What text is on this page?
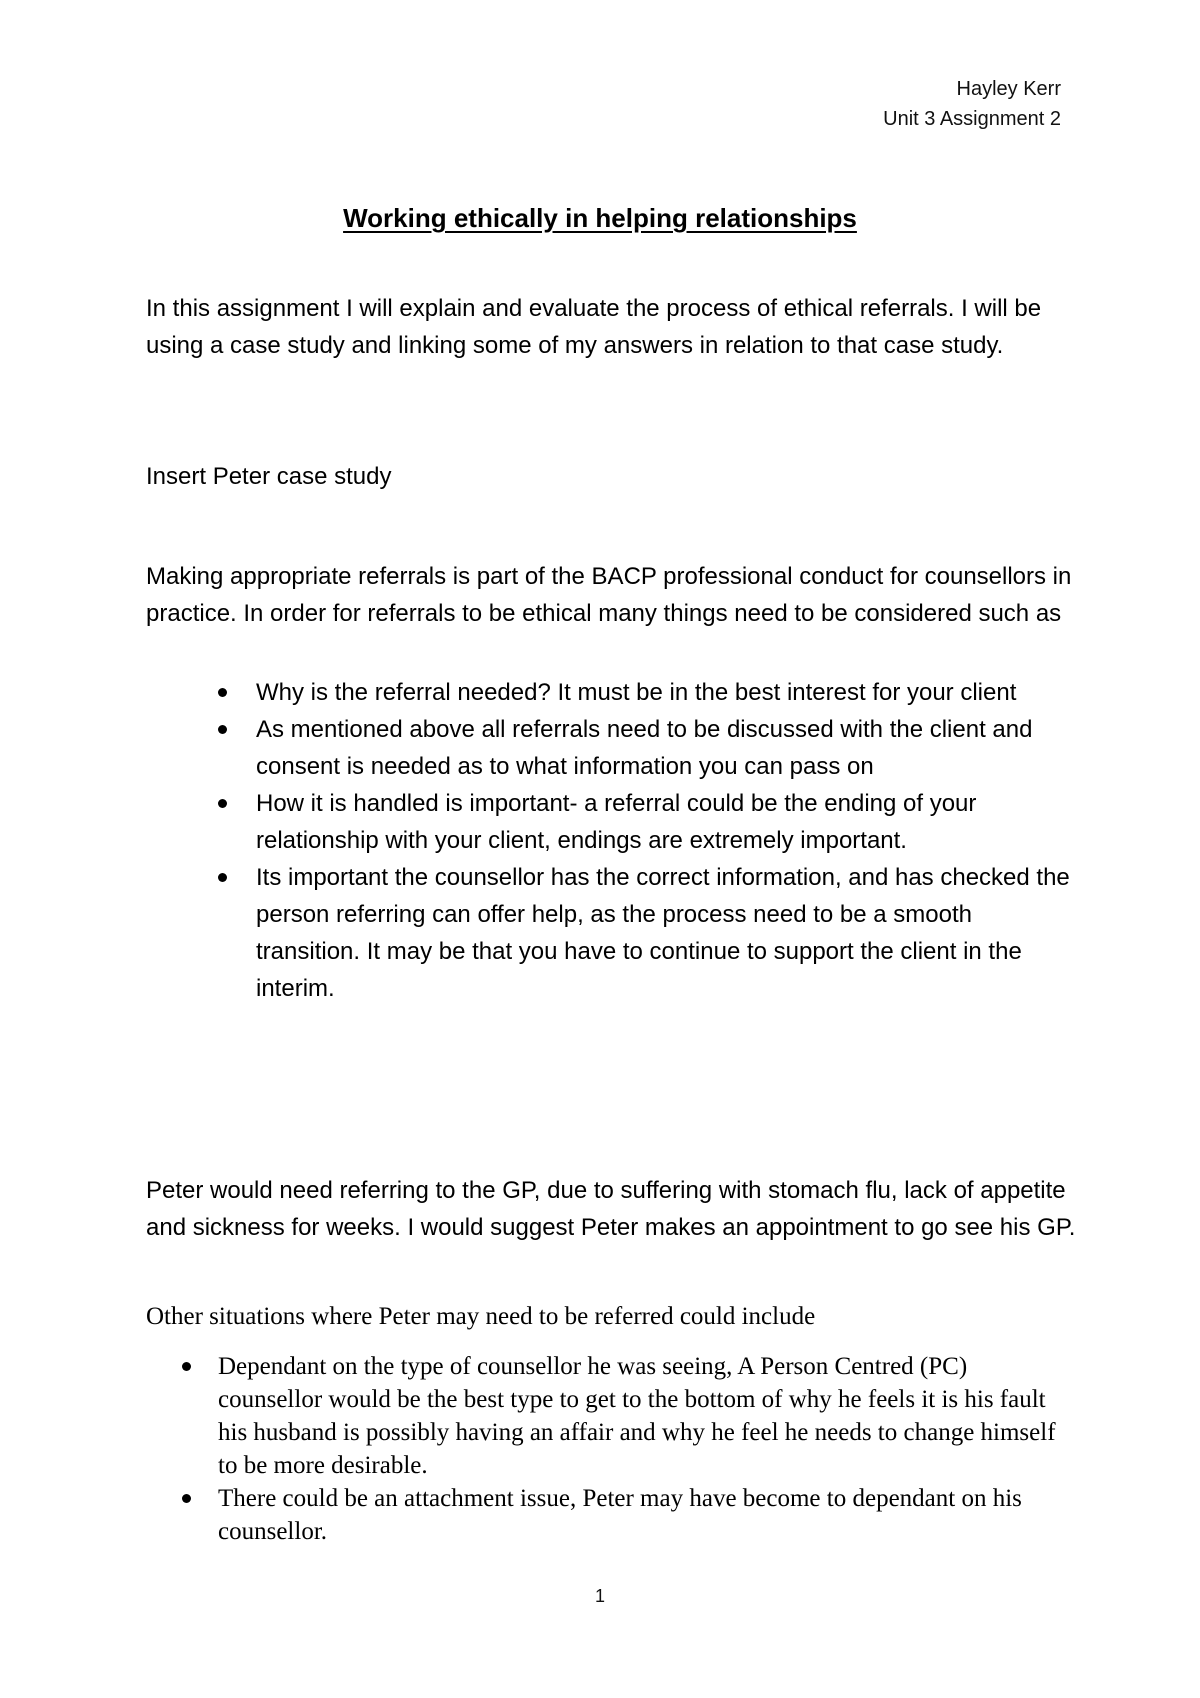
Hayley Kerr
Unit 3 Assignment 2
Working ethically in helping relationships

In this assignment I will explain and evaluate the process of ethical referrals. I will be using a case study and linking some of my answers in relation to that case study.

Insert Peter case study

Making appropriate referrals is part of the BACP professional conduct for counsellors in practice. In order for referrals to be ethical many things need to be considered such as

Why is the referral needed? It must be in the best interest for your client
As mentioned above all referrals need to be discussed with the client and consent is needed as to what information you can pass on
How it is handled is important- a referral could be the ending of your relationship with your client, endings are extremely important.
Its important the counsellor has the correct information, and has checked the person referring can offer help, as the process need to be a smooth transition. It may be that you have to continue to support the client in the interim.

Peter would need referring to the GP, due to suffering with stomach flu, lack of appetite and sickness for weeks. I would suggest Peter makes an appointment to go see his GP.

Other situations where Peter may need to be referred could include

Dependant on the type of counsellor he was seeing, A Person Centred (PC) counsellor would be the best type to get to the bottom of why he feels it is his fault his husband is possibly having an affair and why he feel he needs to change himself to be more desirable.
There could be an attachment issue, Peter may have become to dependant on his counsellor.
1
